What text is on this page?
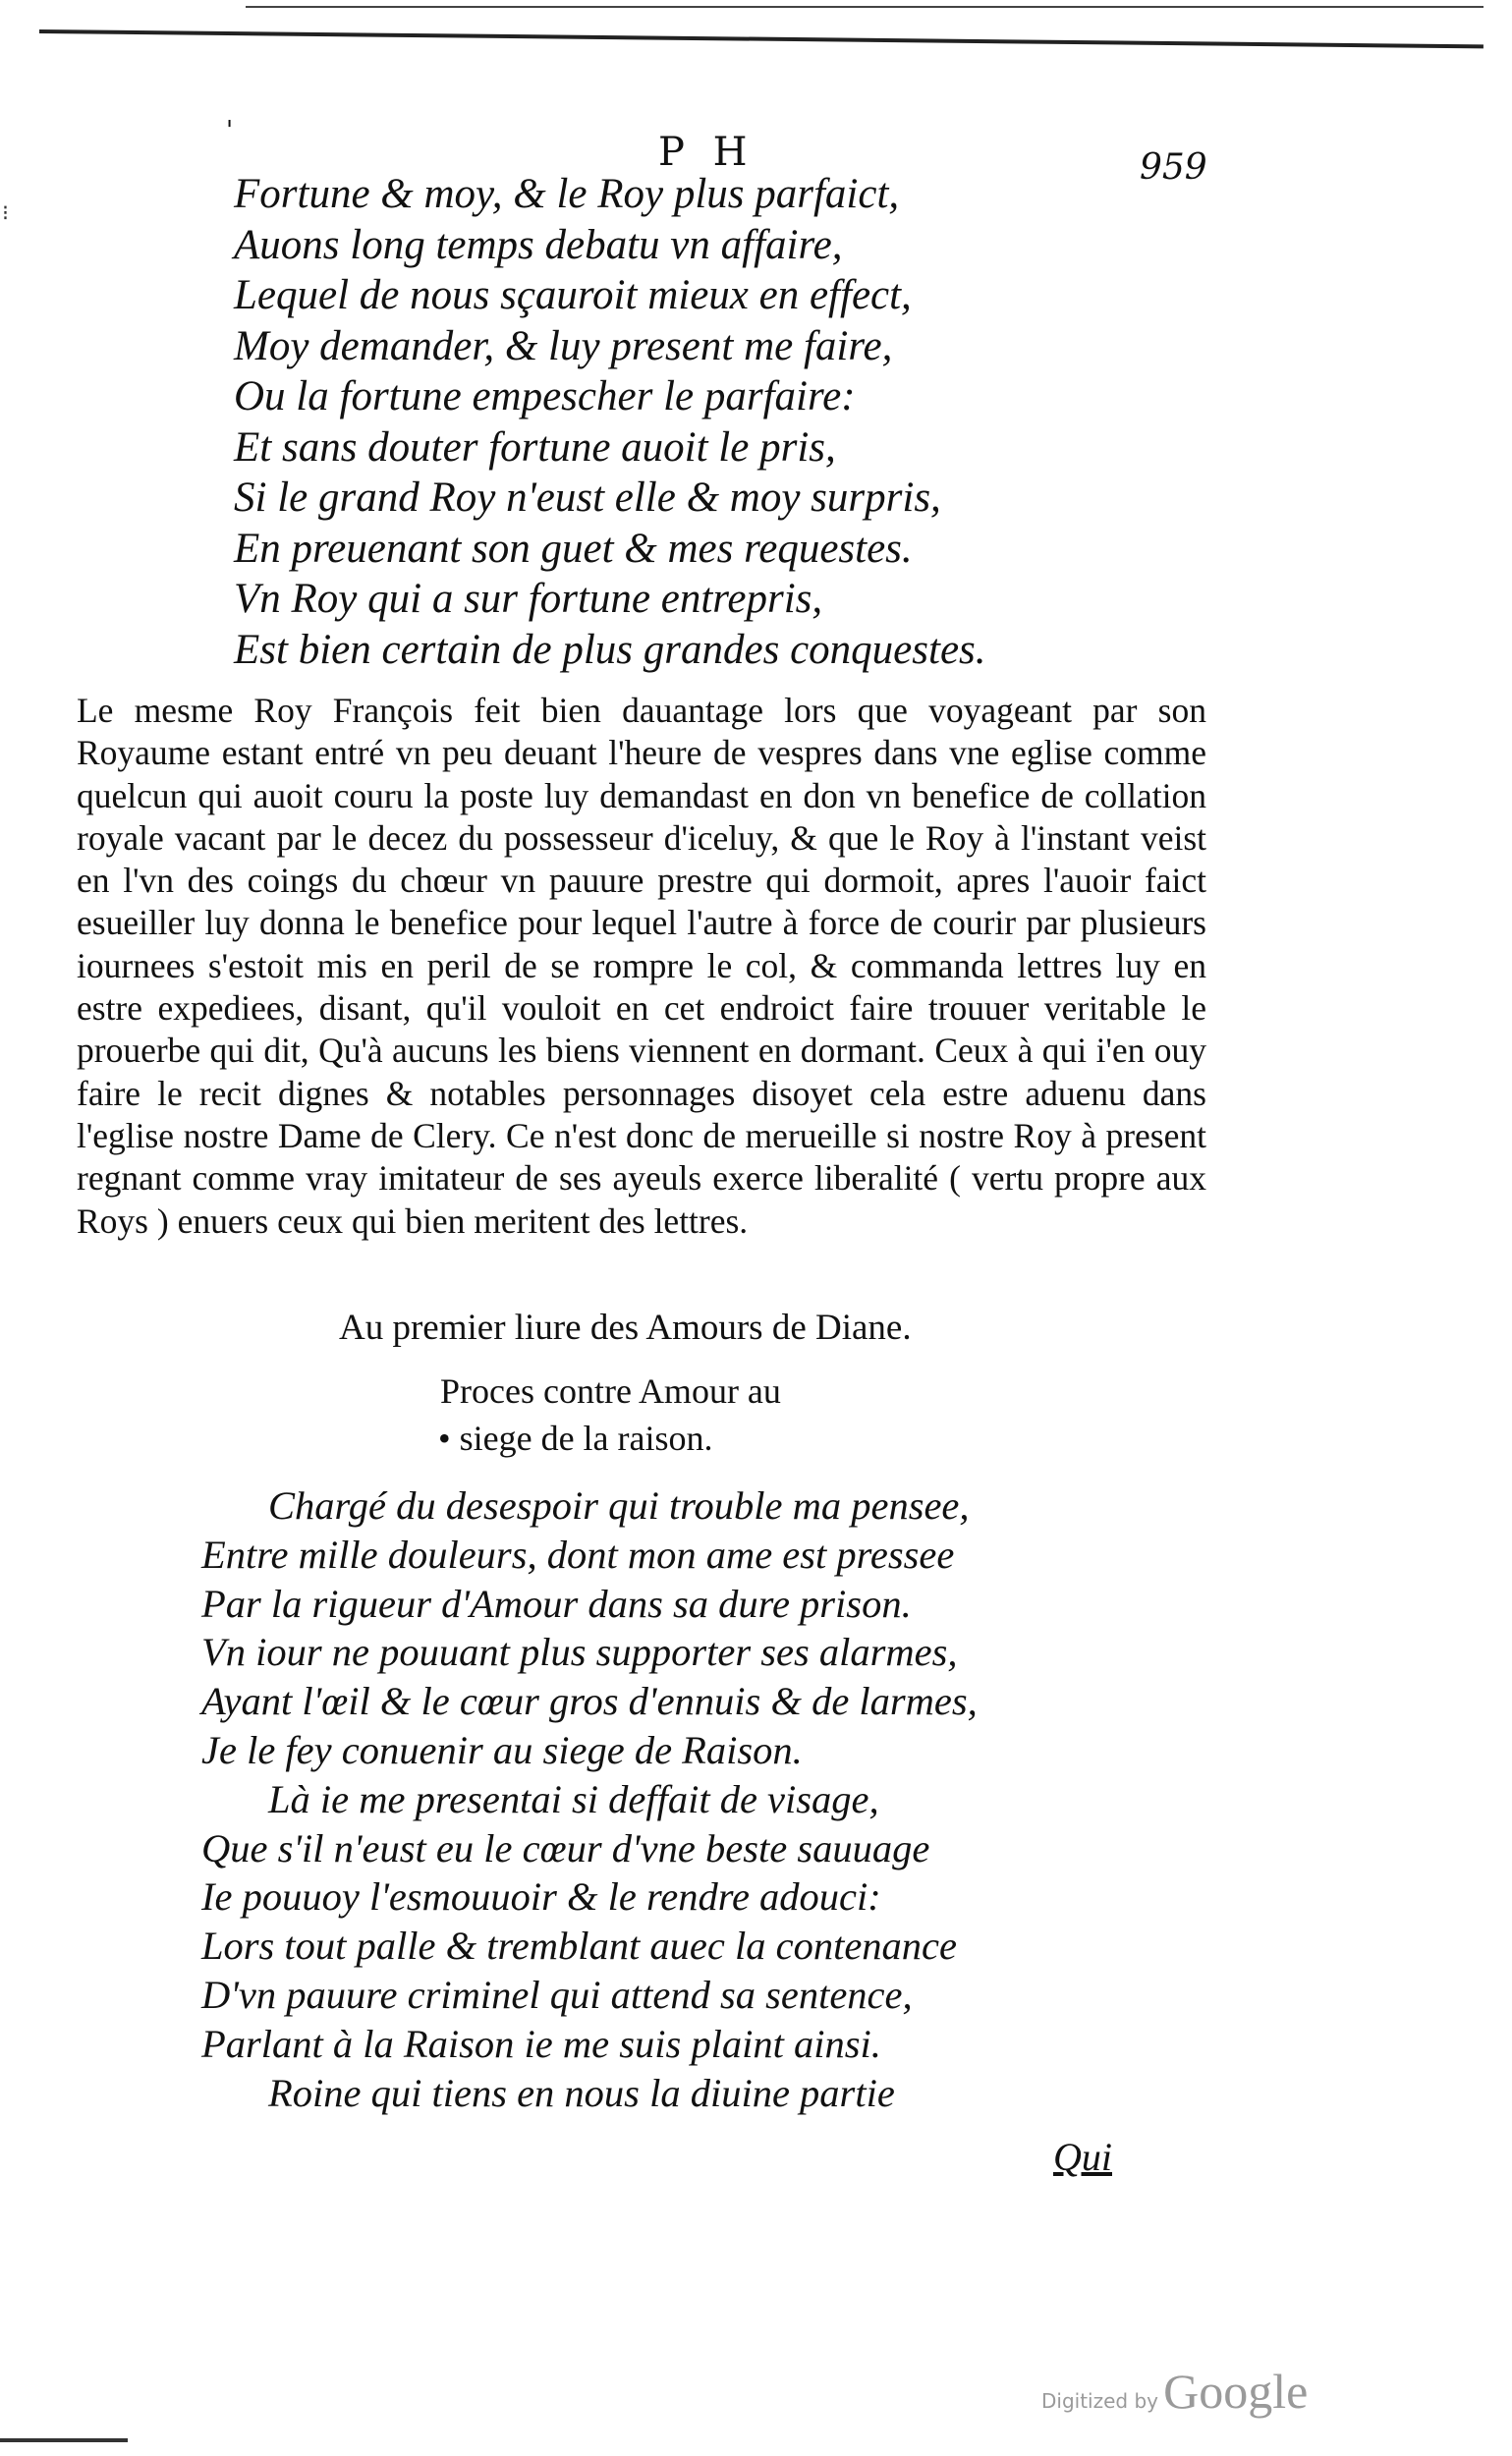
⁝
'	P H	959
Fortune & moy, & le Roy plus parfaict,
Auons long temps debatu vn affaire,
Lequel de nous sçauroit mieux en effect,
Moy demander, & luy present me faire,
Ou la fortune empescher le parfaire:
Et sans douter fortune auoit le pris,
Si le grand Roy n'eust elle & moy surpris,
En preuenant son guet & mes requestes.
Vn Roy qui a sur fortune entrepris,
Est bien certain de plus grandes conquestes.
Le mesme Roy François feit bien dauantage lors que voyageant par son Royaume estant entré vn peu deuant l'heure de vespres dans vne eglise comme quelcun qui auoit couru la poste luy demandast en don vn benefice de collation royale vacant par le decez du possesseur d'iceluy, & que le Roy à l'instant veist en l'vn des coings du chœur vn pauure prestre qui dormoit, apres l'auoir faict esueiller luy donna le benefice pour lequel l'autre à force de courir par plusieurs iournees s'estoit mis en peril de se rompre le col, & commanda lettres luy en estre expediees, disant, qu'il vouloit en cet endroict faire trouuer veritable le prouerbe qui dit, Qu'à aucuns les biens viennent en dormant. Ceux à qui i'en ouy faire le recit dignes & notables personnages disoyet cela estre aduenu dans l'eglise nostre Dame de Clery. Ce n'est donc de merueille si nostre Roy à present regnant comme vray imitateur de ses ayeuls exerce liberalité ( vertu propre aux Roys ) enuers ceux qui bien meritent des lettres.
Au premier liure des Amours de Diane.
Proces contre Amour au
• siege de la raison.
Chargé du desespoir qui trouble ma pensee,
Entre mille douleurs, dont mon ame est pressee
Par la rigueur d'Amour dans sa dure prison.
Vn iour ne pouuant plus supporter ses alarmes,
Ayant l'œil & le cœur gros d'ennuis & de larmes,
Je le fey conuenir au siege de Raison.
Là ie me presentai si deffait de visage,
Que s'il n'eust eu le cœur d'vne beste sauuage
Ie pouuoy l'esmouuoir & le rendre adouci:
Lors tout palle & tremblant auec la contenance
D'vn pauure criminel qui attend sa sentence,
Parlant à la Raison ie me suis plaint ainsi.
Roine qui tiens en nous la diuine partie
Qui
Digitized by Google
